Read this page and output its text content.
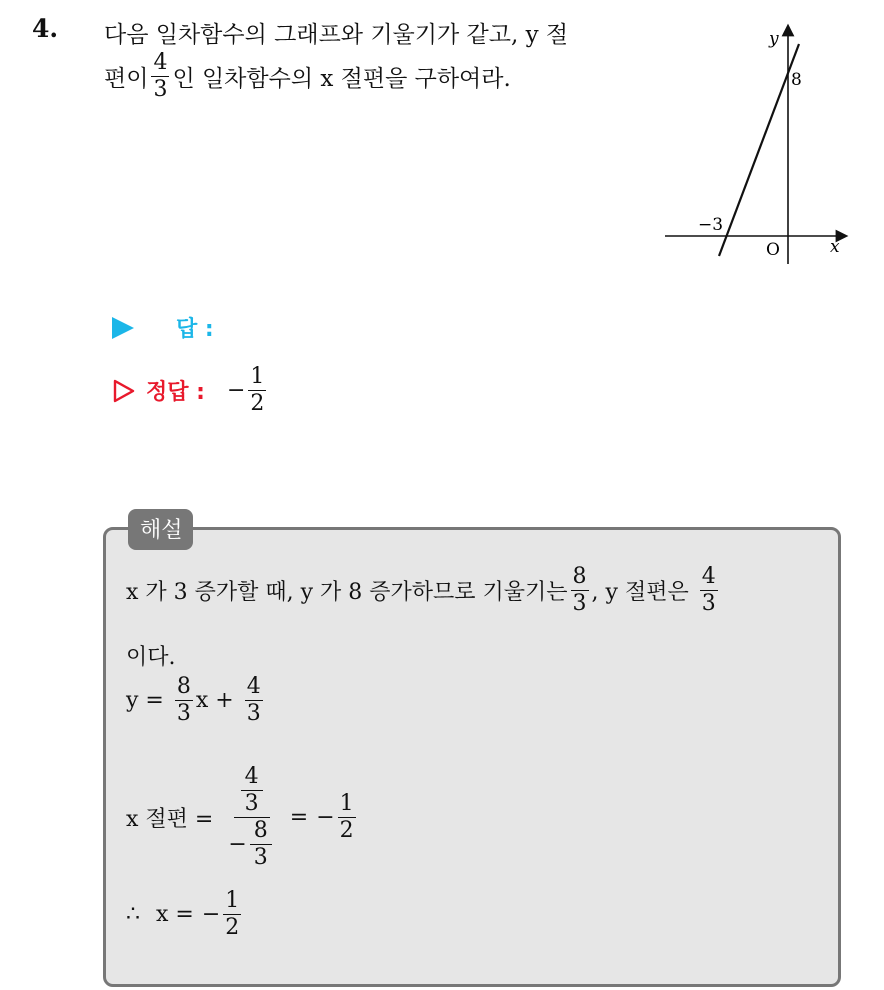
4. 다음 일차함수의 그래프와 기울기가 같고, y 절
편이 $\frac{4}{3}$ 인 일차함수의 x 절편을 구하여라.
y
8
−3
O	x
답 :
정답 : − $\frac{1}{2}$
해설
x 가 3 증가할 때, y 가 8 증가하므로 기울기는 $\frac{8}{3}$ , y 절편은 $\frac{4}{3}$
이다.
$y = \frac{8}{3}$ $x + \frac{4}{3}$
x 절편 = $\frac{\frac{4}{3}}{- \frac{8}{3}}$ = − $\frac{1}{2}$
∴ x = − $\frac{1}{2}$
